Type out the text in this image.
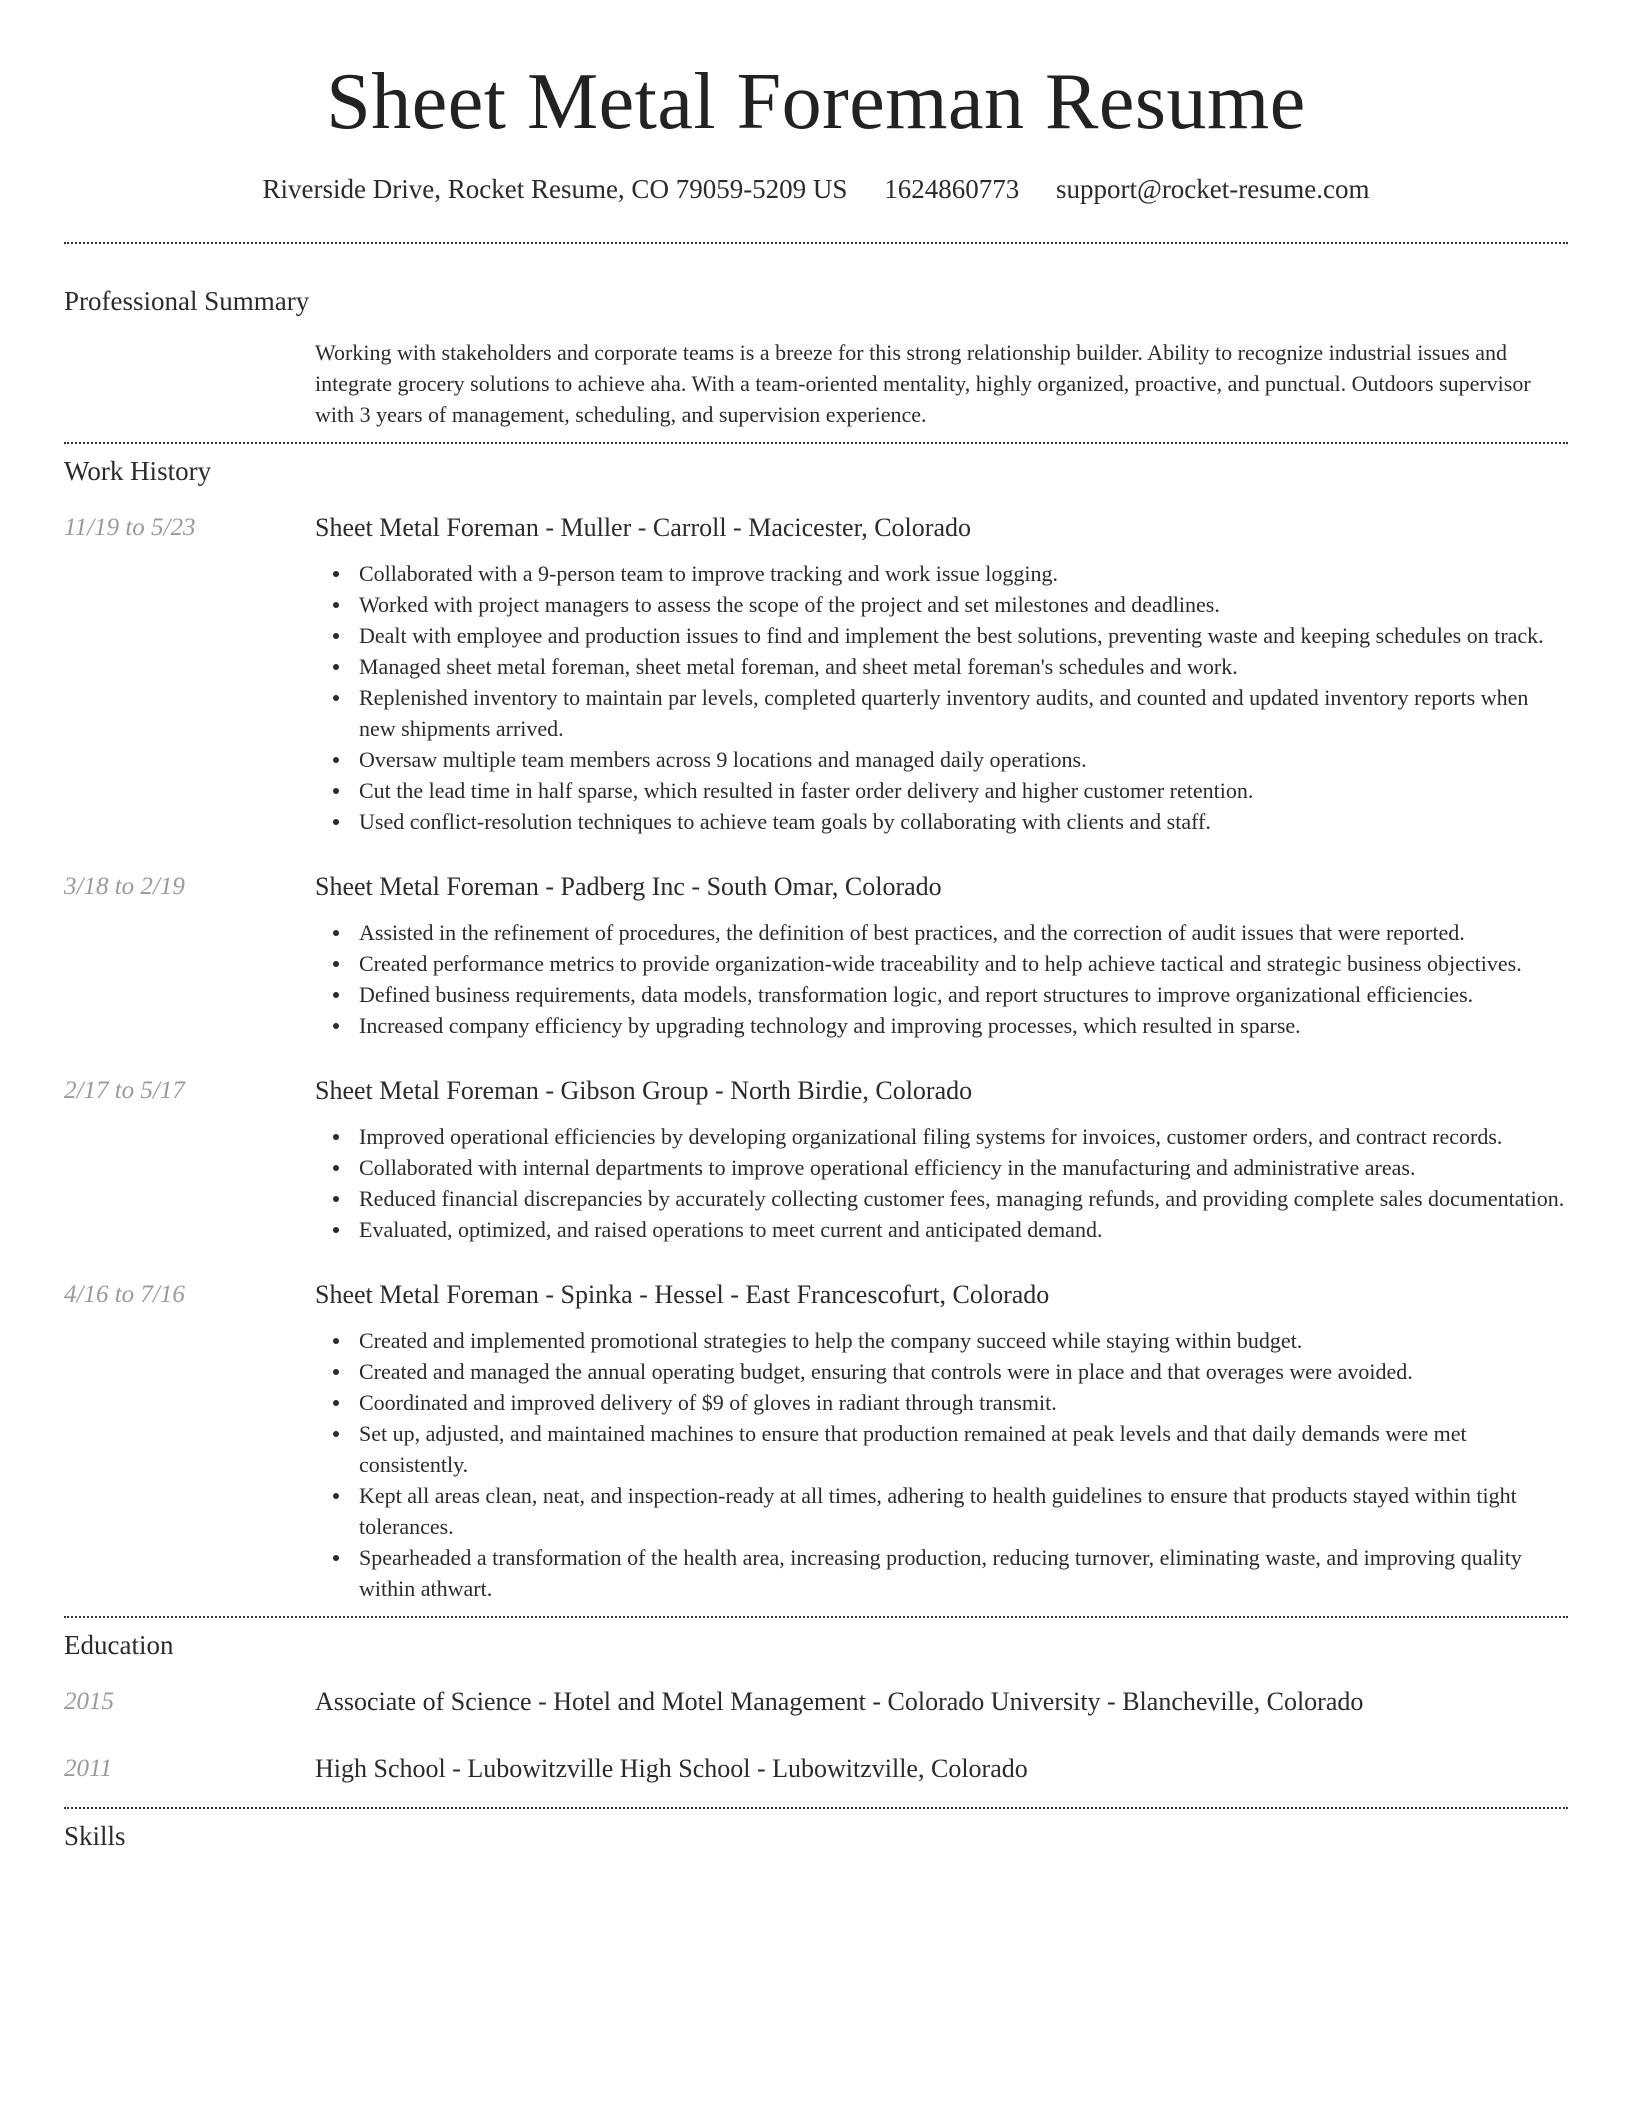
Sheet Metal Foreman Resume
Riverside Drive, Rocket Resume, CO 79059-5209 US 1624860773 support@rocket-resume.com
Professional Summary
Working with stakeholders and corporate teams is a breeze for this strong relationship builder. Ability to recognize industrial issues and integrate grocery solutions to achieve aha. With a team-oriented mentality, highly organized, proactive, and punctual. Outdoors supervisor with 3 years of management, scheduling, and supervision experience.
Work History
11/19 to 5/23	Sheet Metal Foreman - Muller - Carroll - Macicester, Colorado
Collaborated with a 9-person team to improve tracking and work issue logging.
Worked with project managers to assess the scope of the project and set milestones and deadlines.
Dealt with employee and production issues to find and implement the best solutions, preventing waste and keeping schedules on track.
Managed sheet metal foreman, sheet metal foreman, and sheet metal foreman's schedules and work.
Replenished inventory to maintain par levels, completed quarterly inventory audits, and counted and updated inventory reports when new shipments arrived.
Oversaw multiple team members across 9 locations and managed daily operations.
Cut the lead time in half sparse, which resulted in faster order delivery and higher customer retention.
Used conflict-resolution techniques to achieve team goals by collaborating with clients and staff.
3/18 to 2/19	Sheet Metal Foreman - Padberg Inc - South Omar, Colorado
Assisted in the refinement of procedures, the definition of best practices, and the correction of audit issues that were reported.
Created performance metrics to provide organization-wide traceability and to help achieve tactical and strategic business objectives.
Defined business requirements, data models, transformation logic, and report structures to improve organizational efficiencies.
Increased company efficiency by upgrading technology and improving processes, which resulted in sparse.
2/17 to 5/17	Sheet Metal Foreman - Gibson Group - North Birdie, Colorado
Improved operational efficiencies by developing organizational filing systems for invoices, customer orders, and contract records.
Collaborated with internal departments to improve operational efficiency in the manufacturing and administrative areas.
Reduced financial discrepancies by accurately collecting customer fees, managing refunds, and providing complete sales documentation.
Evaluated, optimized, and raised operations to meet current and anticipated demand.
4/16 to 7/16	Sheet Metal Foreman - Spinka - Hessel - East Francescofurt, Colorado
Created and implemented promotional strategies to help the company succeed while staying within budget.
Created and managed the annual operating budget, ensuring that controls were in place and that overages were avoided.
Coordinated and improved delivery of $9 of gloves in radiant through transmit.
Set up, adjusted, and maintained machines to ensure that production remained at peak levels and that daily demands were met consistently.
Kept all areas clean, neat, and inspection-ready at all times, adhering to health guidelines to ensure that products stayed within tight tolerances.
Spearheaded a transformation of the health area, increasing production, reducing turnover, eliminating waste, and improving quality within athwart.
Education
2015	Associate of Science - Hotel and Motel Management - Colorado University - Blancheville, Colorado
2011	High School - Lubowitzville High School - Lubowitzville, Colorado
Skills
